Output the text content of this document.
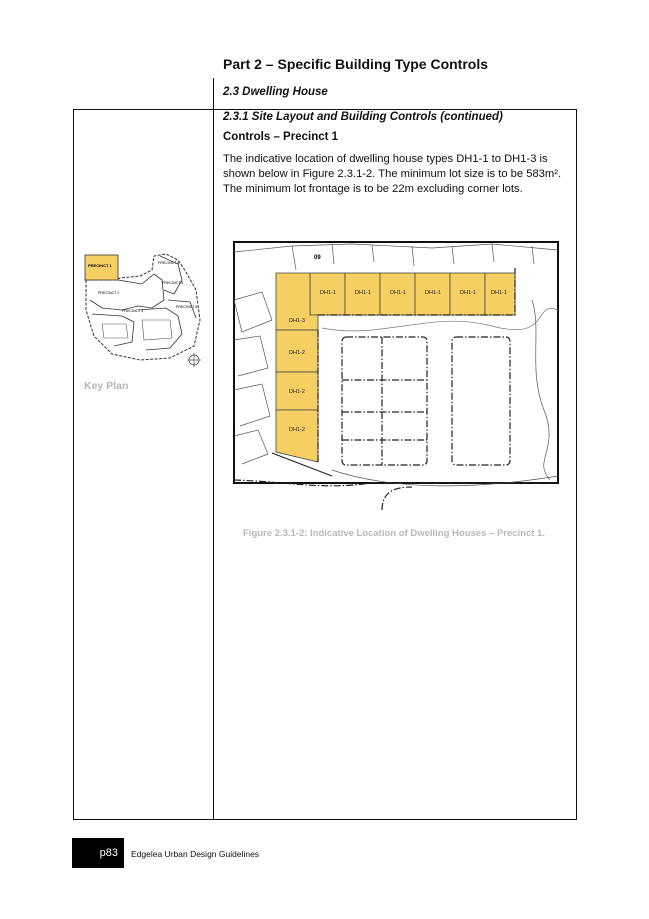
Part 2 – Specific Building Type Controls
2.3 Dwelling House
2.3.1 Site Layout and Building Controls (continued)
Controls – Precinct 1
The indicative location of dwelling house types DH1-1 to DH1-3 is shown below in Figure 2.3.1-2. The minimum lot size is to be 583m². The minimum lot frontage is to be 22m excluding corner lots.
PRECINCT 1
PRECINCT 2
PRECINCT 3
PRECINCT 4
PRECINCT 5
PRECINCT 6
Key Plan
09
DH1-1	DH1-1	DH1-1	DH1-1	DH1-1	DH1-1
DH1-3
DH1-2
DH1-2
DH1-2
Figure 2.3.1-2: Indicative Location of Dwelling Houses – Precinct 1.
p83	Edgelea Urban Design Guidelines
